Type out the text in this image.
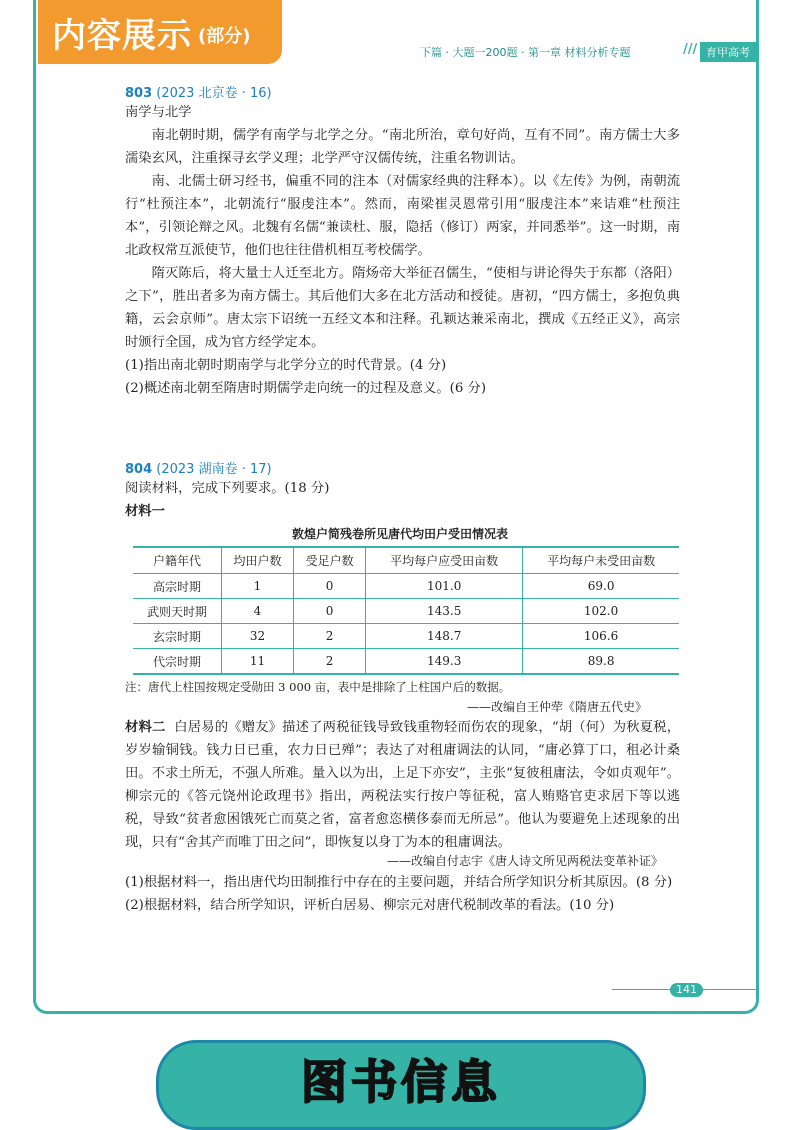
内容展示 (部分)
下篇 · 大题一200题 · 第一章 材料分析专题	/// 育甲高考
803 (2023 北京卷 · 16)

南学与北学

南北朝时期，儒学有南学与北学之分。“南北所治，章句好尚，互有不同”。南方儒士大多濡染玄风，注重探寻玄学义理；北学严守汉儒传统，注重名物训诂。

南、北儒士研习经书，偏重不同的注本（对儒家经典的注释本）。以《左传》为例，南朝流行“杜预注本”，北朝流行“服虔注本”。然而，南梁崔灵恩常引用“服虔注本”来诘难“杜预注本”，引领论辩之风。北魏有名儒“兼读杜、服，隐括（修订）两家，并同悉举”。这一时期，南北政权常互派使节，他们也往往借机相互考校儒学。

隋灭陈后，将大量士人迁至北方。隋炀帝大举征召儒生，“使相与讲论得失于东都（洛阳）之下”，胜出者多为南方儒士。其后他们大多在北方活动和授徒。唐初，“四方儒士，多抱负典籍，云会京师”。唐太宗下诏统一五经文本和注释。孔颖达兼采南北，撰成《五经正义》，高宗时颁行全国，成为官方经学定本。

(1)指出南北朝时期南学与北学分立的时代背景。(4 分)

(2)概述南北朝至隋唐时期儒学走向统一的过程及意义。(6 分)

804 (2023 湖南卷 · 17)

阅读材料，完成下列要求。(18 分)

材料一

敦煌户简残卷所见唐代均田户受田情况表
户籍年代	均田户数	受足户数	平均每户应受田亩数	平均每户未受田亩数
高宗时期	1	0	101.0	69.0
武则天时期	4	0	143.5	102.0
玄宗时期	32	2	148.7	106.6
代宗时期	11	2	149.3	89.8
注：唐代上柱国按规定受勋田 3 000 亩，表中是排除了上柱国户后的数据。
——改编自王仲荦《隋唐五代史》

材料二 白居易的《赠友》描述了两税征钱导致钱重物轻而伤农的现象，“胡（何）为秋夏税，岁岁输铜钱。钱力日已重，农力日已殚”；表达了对租庸调法的认同，“庸必算丁口，租必计桑田。不求土所无，不强人所难。量入以为出，上足下亦安”，主张“复彼租庸法，令如贞观年”。柳宗元的《答元饶州论政理书》指出，两税法实行按户等征税，富人贿赂官吏求居下等以逃税，导致“贫者愈困饿死亡而莫之省，富者愈恣横侈泰而无所忌”。他认为要避免上述现象的出现，只有“舍其产而唯丁田之问”，即恢复以身丁为本的租庸调法。

——改编自付志宇《唐人诗文所见两税法变革补证》

(1)根据材料一，指出唐代均田制推行中存在的主要问题，并结合所学知识分析其原因。(8 分)

(2)根据材料，结合所学知识，评析白居易、柳宗元对唐代税制改革的看法。(10 分)

141
图书信息
